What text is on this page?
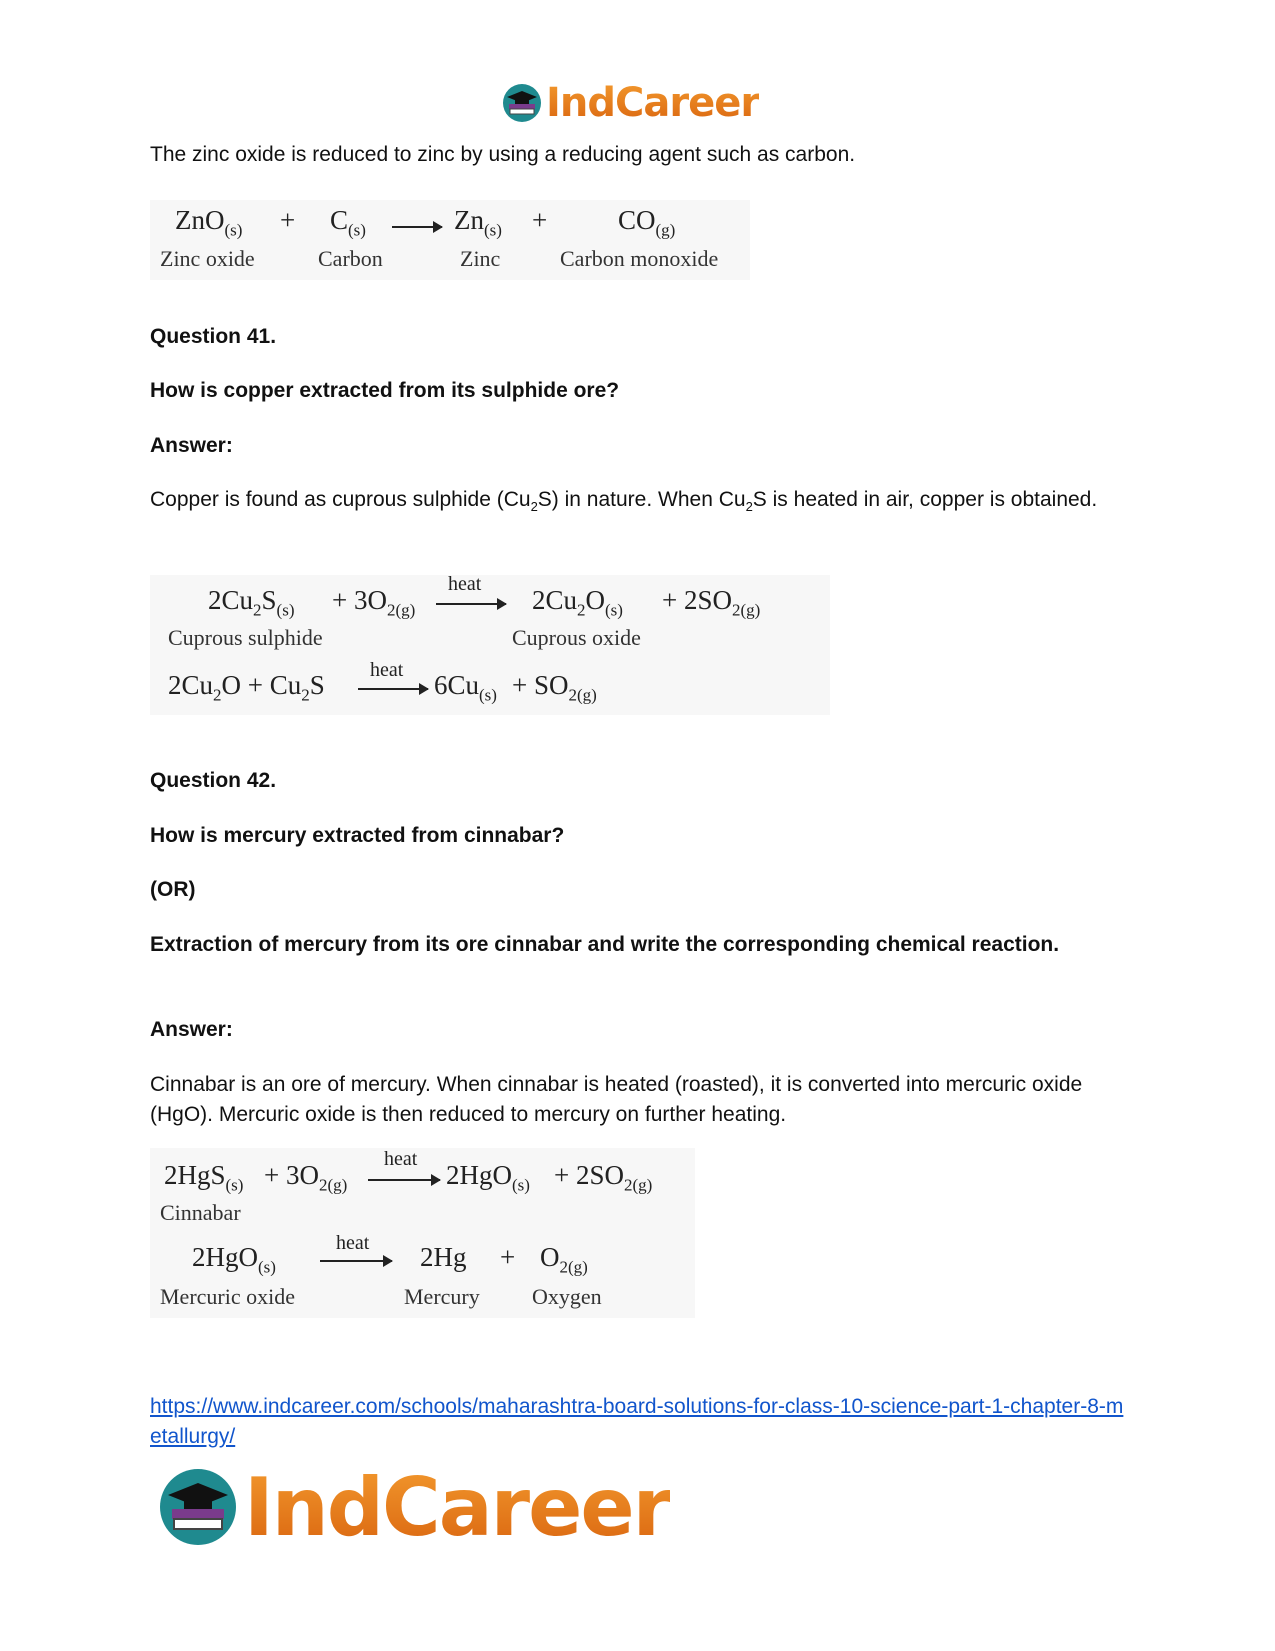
IndCareer
The zinc oxide is reduced to zinc by using a reducing agent such as carbon.
$ZnO_{(s)} + C_{(s)} \to Zn_{(s)}$ +	$CO_{(g)}$
Zinc oxide	Carbon	Zinc	Carbon monoxide
Question 41.
How is copper extracted from its sulphide ore?
Answer:
Copper is found as cuprous sulphide $(Cu_2S)$ in nature. When $Cu_2S$ is heated in air, copper is obtained.
$2Cu_2S_{(s)} + 3O_{2(g)}$
heat
$2Cu_2O_{(s)} + 2SO_{2(g)}$
Cuprous sulphide	Cuprous oxide
$2Cu_2O + Cu_2S$ heat $6Cu_{(s)} + SO_{2(g)}$
Question 42.
How is mercury extracted from cinnabar?
(OR)
Extraction of mercury from its ore cinnabar and write the corresponding chemical reaction.
Answer:
Cinnabar is an ore of mercury. When cinnabar is heated (roasted), it is converted into mercuric oxide (HgO). Mercuric oxide is then reduced to mercury on further heating.
$2HgS_{(s)} + 3O_{2(g)}$
heat
$2HgO_{(s)} + 2SO_{2(g)}$
Cinnabar
2HgO$_{(s)}$
heat $2Hg + O_{2(g)}$
Mercuric oxide	Mercury Oxygen
https://www.indcareer.com/schools/maharashtra-board-solutions-for-class-10-science-part-1-chapter-8-metallurgy/
IndCareer
